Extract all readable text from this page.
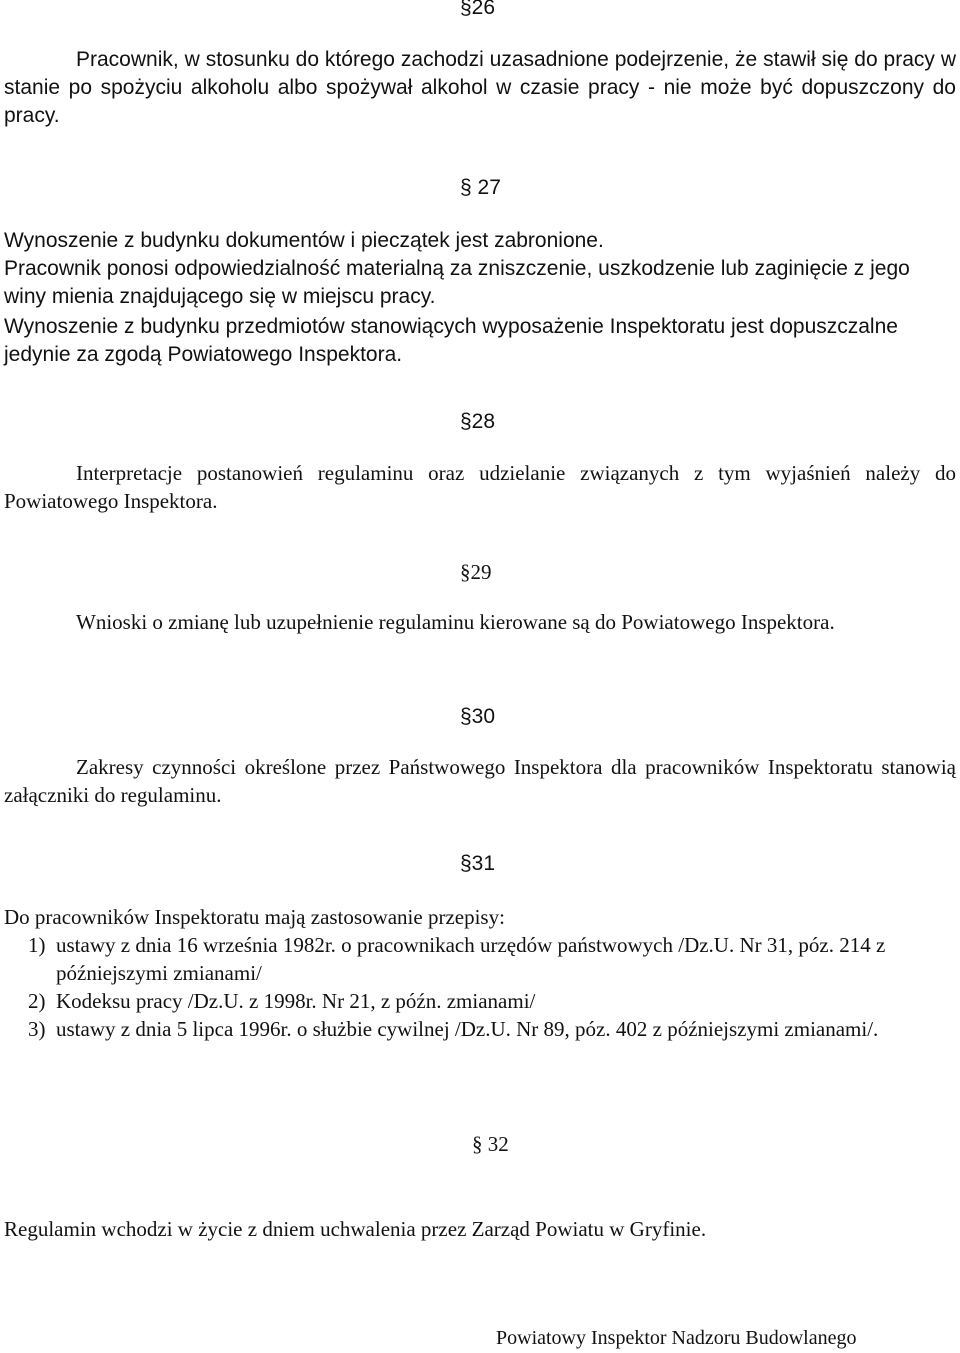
§26

Pracownik, w stosunku do którego zachodzi uzasadnione podejrzenie, że stawił się do pracy w stanie po spożyciu alkoholu albo spożywał alkohol w czasie pracy - nie może być dopuszczony do pracy.

§ 27
Wynoszenie z budynku dokumentów i pieczątek jest zabronione.

Pracownik ponosi odpowiedzialność materialną za zniszczenie, uszkodzenie lub zaginięcie z jego winy mienia znajdującego się w miejscu pracy.

Wynoszenie z budynku przedmiotów stanowiących wyposażenie Inspektoratu jest dopuszczalne jedynie za zgodą Powiatowego Inspektora.

§28

Interpretacje postanowień regulaminu oraz udzielanie związanych z tym wyjaśnień należy do Powiatowego Inspektora.

§29

Wnioski o zmianę lub uzupełnienie regulaminu kierowane są do Powiatowego Inspektora.

§30

Zakresy czynności określone przez Państwowego Inspektora dla pracowników Inspektoratu stanowią załączniki do regulaminu.

§31
Do pracowników Inspektoratu mają zastosowanie przepisy:
1) ustawy z dnia 16 września 1982r. o pracownikach urzędów państwowych /Dz.U. Nr 31, póz. 214 z późniejszymi zmianami/
2) Kodeksu pracy /Dz.U. z 1998r. Nr 21, z późn. zmianami/
3) ustawy z dnia 5 lipca 1996r. o służbie cywilnej /Dz.U. Nr 89, póz. 402 z późniejszymi zmianami/.
§ 32
Regulamin wchodzi w życie z dniem uchwalenia przez Zarząd Powiatu w Gryfinie.
Powiatowy Inspektor Nadzoru Budowlanego
